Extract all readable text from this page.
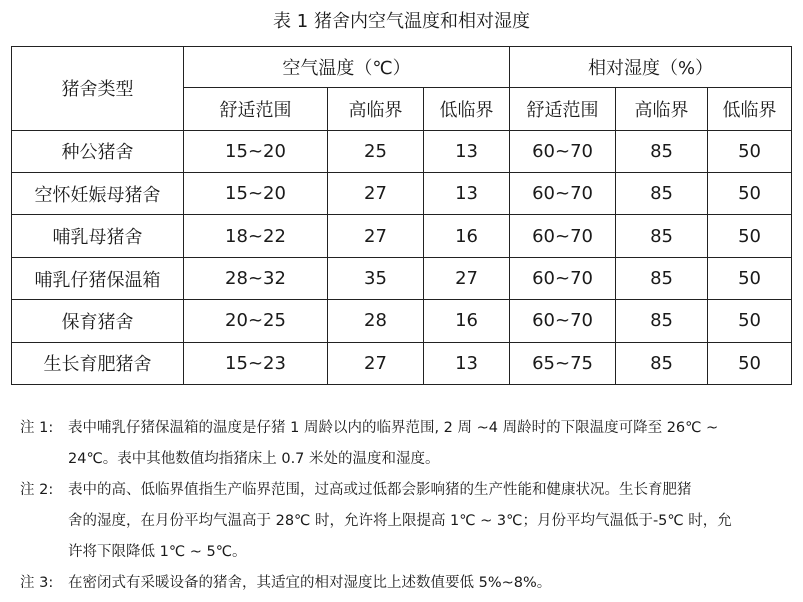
表 1 猪舍内空气温度和相对湿度
猪舍类型	空气温度（℃）			相对湿度（%）		
	舒适范围	高临界	低临界	舒适范围	高临界	低临界
种公猪舍	15~20	25	13	60~70	85	50
空怀妊娠母猪舍	15~20	27	13	60~70	85	50
哺乳母猪舍	18~22	27	16	60~70	85	50
哺乳仔猪保温箱	28~32	35	27	60~70	85	50
保育猪舍	20~25	28	16	60~70	85	50
生长育肥猪舍	15~23	27	13	65~75	85	50
注 1: 表中哺乳仔猪保温箱的温度是仔猪 1 周龄以内的临界范围, 2 周 ~4 周龄时的下限温度可降至 26℃ ~
24℃。表中其他数值均指猪床上 0.7 米处的温度和湿度。
注 2: 表中的高、低临界值指生产临界范围，过高或过低都会影响猪的生产性能和健康状况。生长育肥猪
舍的湿度，在月份平均气温高于 28℃ 时，允许将上限提高 1℃ ~ 3℃；月份平均气温低于-5℃ 时，允
许将下限降低 1℃ ~ 5℃。
注 3: 在密闭式有采暖设备的猪舍，其适宜的相对湿度比上述数值要低 5%~8%。
